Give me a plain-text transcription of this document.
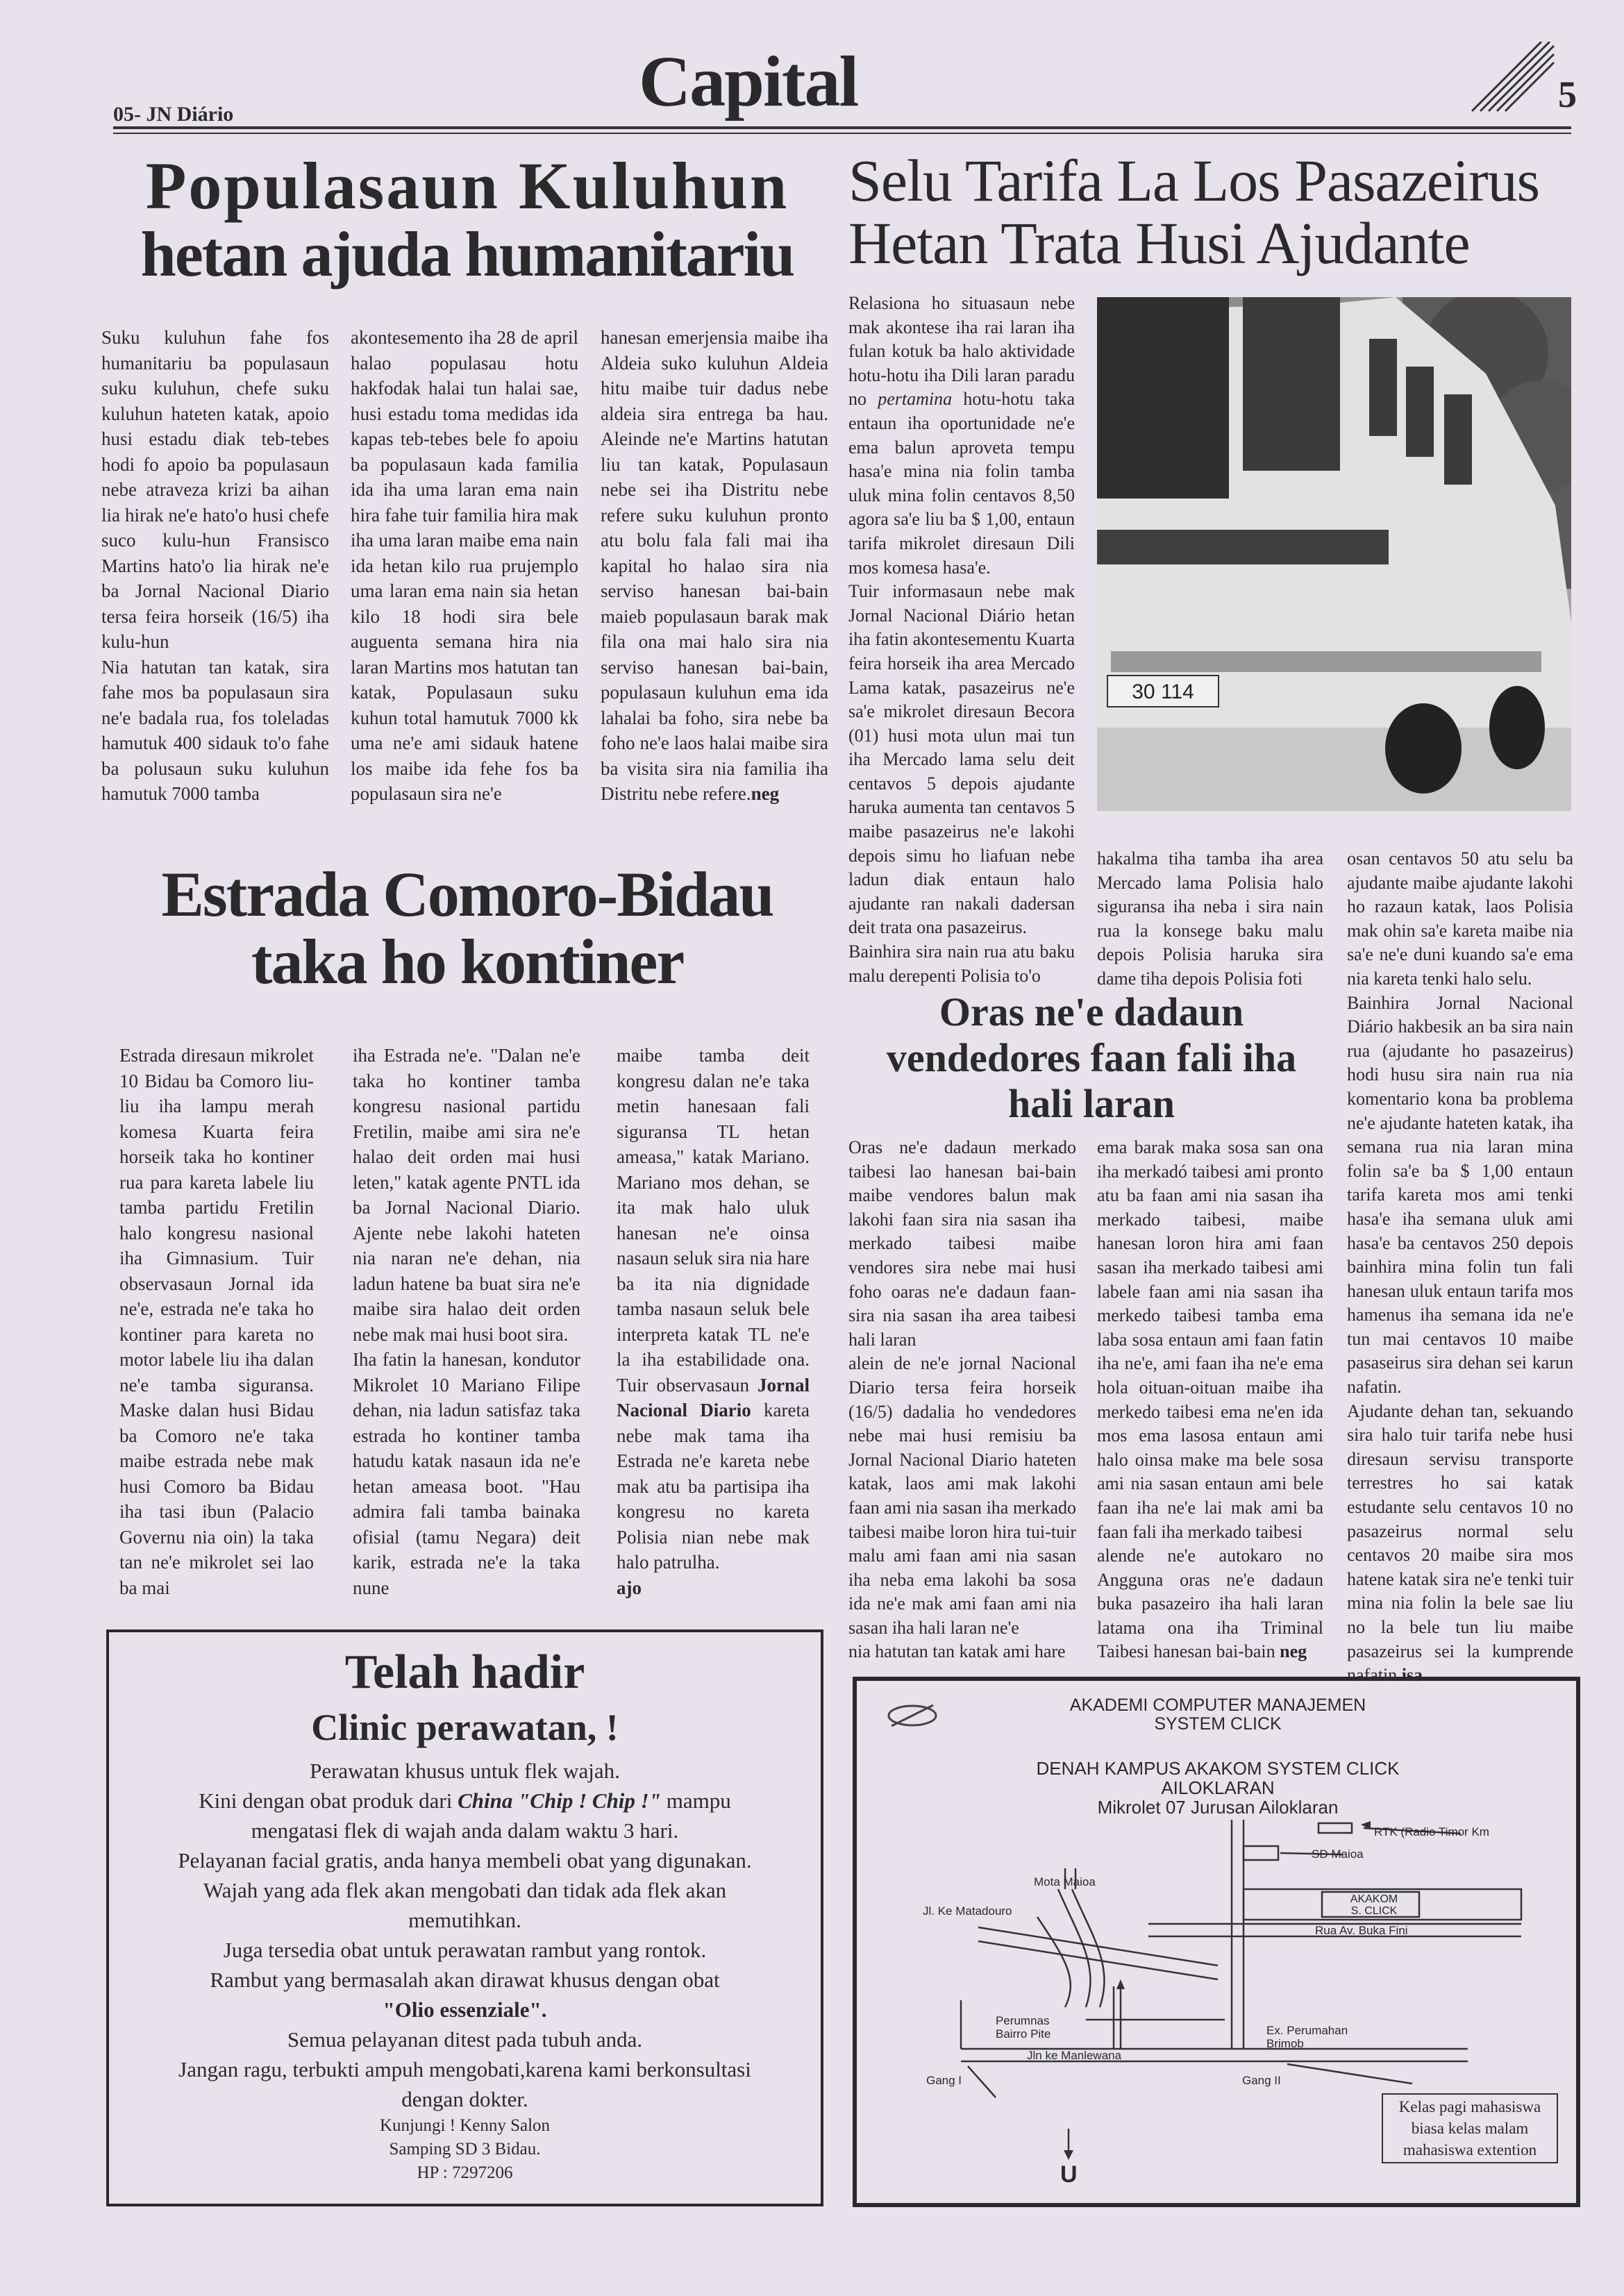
05- JN Diário	Capital	5
Populasaun Kuluhun
hetan ajuda humanitariu

Suku kuluhun fahe fos humanitariu ba populasaun suku kuluhun, chefe suku kuluhun hateten katak, apoio husi estadu diak teb-tebes hodi fo apoio ba populasaun nebe atraveza krizi ba aihan lia hirak ne'e hato'o husi chefe suco kulu-hun Fransisco Martins hato'o lia hirak ne'e ba Jornal Nacional Diario tersa feira horseik (16/5) iha kulu-hun

Nia hatutan tan katak, sira fahe mos ba populasaun sira ne'e badala rua, fos toleladas hamutuk 400 sidauk to'o fahe ba polusaun suku kuluhun hamutuk 7000 tamba

akontesemento iha 28 de april halao populasau hotu hakfodak halai tun halai sae, husi estadu toma medidas ida kapas teb-tebes bele fo apoiu ba populasaun kada familia ida iha uma laran ema nain hira fahe tuir familia hira mak iha uma laran maibe ema nain ida hetan kilo rua prujemplo uma laran ema nain sia hetan kilo 18 hodi sira bele auguenta semana hira nia laran Martins mos hatutan tan katak, Populasaun suku kuhun total hamutuk 7000 kk uma ne'e ami sidauk hatene los maibe ida fehe fos ba populasaun sira ne'e

hanesan emerjensia maibe iha Aldeia suko kuluhun Aldeia hitu maibe tuir dadus nebe aldeia sira entrega ba hau. Aleinde ne'e Martins hatutan liu tan katak, Populasaun nebe sei iha Distritu nebe refere suku kuluhun pronto atu bolu fala fali mai iha kapital ho halao sira nia serviso hanesan bai-bain maieb populasaun barak mak fila ona mai halo sira nia serviso hanesan bai-bain, populasaun kuluhun ema ida lahalai ba foho, sira nebe ba foho ne'e laos halai maibe sira ba visita sira nia familia iha Distritu nebe refere.neg

Selu Tarifa La Los Pasazeirus
Hetan Trata Husi Ajudante

Relasiona ho situasaun nebe mak akontese iha rai laran iha fulan kotuk ba halo aktividade hotu-hotu iha Dili laran paradu no pertamina hotu-hotu taka entaun iha oportunidade ne'e ema balun aproveta tempu hasa'e mina nia folin tamba uluk mina folin centavos 8,50 agora sa'e liu ba $ 1,00, entaun tarifa mikrolet diresaun Dili mos komesa hasa'e.

Tuir informasaun nebe mak Jornal Nacional Diário hetan iha fatin akontesementu Kuarta feira horseik iha area Mercado Lama katak, pasazeirus ne'e sa'e mikrolet diresaun Becora (01) husi mota ulun mai tun iha Mercado lama selu deit centavos 5 depois ajudante haruka aumenta tan centavos 5 maibe pasazeirus ne'e lakohi depois simu ho liafuan nebe ladun diak entaun halo ajudante ran nakali dadersan deit trata ona pasazeirus.

Bainhira sira nain rua atu baku malu derepenti Polisia to'o

30 114

hakalma tiha tamba iha area Mercado lama Polisia halo siguransa iha neba i sira nain rua la konsege baku malu depois Polisia haruka sira dame tiha depois Polisia foti

osan centavos 50 atu selu ba ajudante maibe ajudante lakohi ho razaun katak, laos Polisia mak ohin sa'e kareta maibe nia sa'e ne'e duni kuando sa'e ema nia kareta tenki halo selu.

Bainhira Jornal Nacional Diário hakbesik an ba sira nain rua (ajudante ho pasazeirus) hodi husu sira nain rua nia komentario kona ba problema ne'e ajudante hateten katak, iha semana rua nia laran mina folin sa'e ba $ 1,00 entaun tarifa kareta mos ami tenki hasa'e iha semana uluk ami hasa'e ba centavos 250 depois bainhira mina folin tun fali hanesan uluk entaun tarifa mos hamenus iha semana ida ne'e tun mai centavos 10 maibe pasaseirus sira dehan sei karun nafatin.

Ajudante dehan tan, sekuando sira halo tuir tarifa nebe husi diresaun servisu transporte terrestres ho sai katak estudante selu centavos 10 no pasazeirus normal selu centavos 20 maibe sira mos hatene katak sira ne'e tenki tuir mina nia folin la bele sae liu no la bele tun liu maibe pasazeirus sei la kumprende nafatin.isa

Estrada Comoro-Bidau
taka ho kontiner

Estrada diresaun mikrolet 10 Bidau ba Comoro liu-liu iha lampu merah komesa Kuarta feira horseik taka ho kontiner rua para kareta labele liu tamba partidu Fretilin halo kongresu nasional iha Gimnasium. Tuir observasaun Jornal ida ne'e, estrada ne'e taka ho kontiner para kareta no motor labele liu iha dalan ne'e tamba siguransa. Maske dalan husi Bidau ba Comoro ne'e taka maibe estrada nebe mak husi Comoro ba Bidau iha tasi ibun (Palacio Governu nia oin) la taka tan ne'e mikrolet sei lao ba mai

iha Estrada ne'e. "Dalan ne'e taka ho kontiner tamba kongresu nasional partidu Fretilin, maibe ami sira ne'e halao deit orden mai husi leten," katak agente PNTL ida ba Jornal Nacional Diario. Ajente nebe lakohi hateten nia naran ne'e dehan, nia ladun hatene ba buat sira ne'e maibe sira halao deit orden nebe mak mai husi boot sira.

Iha fatin la hanesan, kondutor Mikrolet 10 Mariano Filipe dehan, nia ladun satisfaz taka estrada ho kontiner tamba hatudu katak nasaun ida ne'e hetan ameasa boot. "Hau admira fali tamba bainaka ofisial (tamu Negara) deit karik, estrada ne'e la taka nune

maibe tamba deit kongresu dalan ne'e taka metin hanesaan fali siguransa TL hetan ameasa," katak Mariano. Mariano mos dehan, se ita mak halo uluk hanesan ne'e oinsa nasaun seluk sira nia hare ba ita nia dignidade tamba nasaun seluk bele interpreta katak TL ne'e la iha estabilidade ona. Tuir observasaun Jornal Nacional Diario kareta nebe mak tama iha Estrada ne'e kareta nebe mak atu ba partisipa iha kongresu no kareta Polisia nian nebe mak halo patrulha.

ajo

Oras ne'e dadaun
vendedores faan fali iha
hali laran

Oras ne'e dadaun merkado taibesi lao hanesan bai-bain maibe vendores balun mak lakohi faan sira nia sasan iha merkado taibesi maibe vendores sira nebe mai husi foho oaras ne'e dadaun faan-sira nia sasan iha area taibesi hali laran

alein de ne'e jornal Nacional Diario tersa feira horseik (16/5) dadalia ho vendedores nebe mai husi remisiu ba Jornal Nacional Diario hateten katak, laos ami mak lakohi faan ami nia sasan iha merkado taibesi maibe loron hira tui-tuir malu ami faan ami nia sasan iha neba ema lakohi ba sosa ida ne'e mak ami faan ami nia sasan iha hali laran ne'e

nia hatutan tan katak ami hare

ema barak maka sosa san ona iha merkadó taibesi ami pronto atu ba faan ami nia sasan iha merkado taibesi, maibe hanesan loron hira ami faan sasan iha merkado taibesi ami labele faan ami nia sasan iha merkedo taibesi tamba ema laba sosa entaun ami faan fatin iha ne'e, ami faan iha ne'e ema hola oituan-oituan maibe iha merkedo taibesi ema ne'en ida mos ema lasosa entaun ami halo oinsa make ma bele sosa ami nia sasan entaun ami bele faan iha ne'e lai mak ami ba faan fali iha merkado taibesi

alende ne'e autokaro no Angguna oras ne'e dadaun buka pasazeiro iha hali laran latama ona iha Triminal Taibesi hanesan bai-bain neg

Telah hadir
Clinic perawatan, !
Perawatan khusus untuk flek wajah.
Kini dengan obat produk dari China "Chip ! Chip !" mampu
mengatasi flek di wajah anda dalam waktu 3 hari.
Pelayanan facial gratis, anda hanya membeli obat yang digunakan.
Wajah yang ada flek akan mengobati dan tidak ada flek akan
memutihkan.
Juga tersedia obat untuk perawatan rambut yang rontok.
Rambut yang bermasalah akan dirawat khusus dengan obat
"Olio essenziale".
Semua pelayanan ditest pada tubuh anda.
Jangan ragu, terbukti ampuh mengobati,karena kami berkonsultasi
dengan dokter.
Kunjungi ! Kenny Salon
Samping SD 3 Bidau.
HP : 7297206
AKADEMI COMPUTER MANAJEMEN
SYSTEM CLICK
DENAH KAMPUS AKAKOM SYSTEM CLICK
AILOKLARAN
Mikrolet 07 Jurusan Ailoklaran
RTK (Radio Timor Km
SD Maioa
Mota Maioa
Jl. Ke Matadouro
AKAKOM
S. CLICK
Rua Av. Buka Fini
Perumnas
Bairro Pite	Ex. Perumahan
Brimob
Jln ke Manlewana
Gang I	Gang II
U
Kelas pagi mahasiswa
biasa kelas malam
mahasiswa extention
